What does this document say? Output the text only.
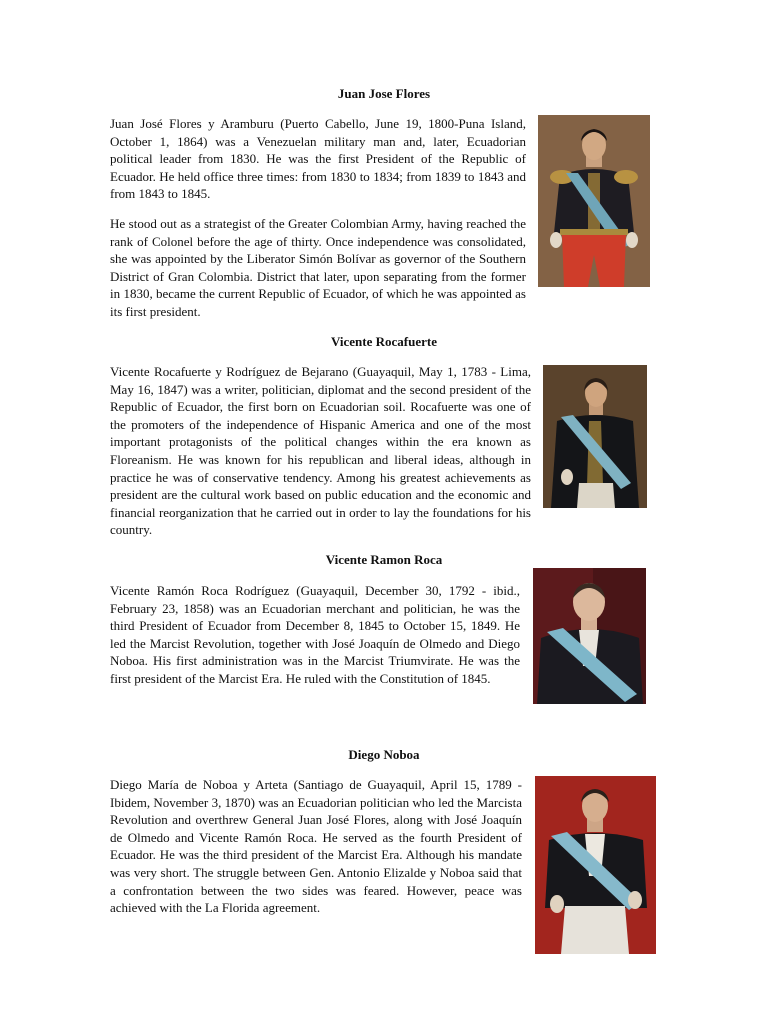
Juan Jose Flores

Juan José Flores y Aramburu (Puerto Cabello, June 19, 1800-Puna Island, October 1, 1864) was a Venezuelan military man and, later, Ecuadorian political leader from 1830. He was the first President of the Republic of Ecuador. He held office three times: from 1830 to 1834; from 1839 to 1843 and from 1843 to 1845.

He stood out as a strategist of the Greater Colombian Army, having reached the rank of Colonel before the age of thirty. Once independence was consolidated, she was appointed by the Liberator Simón Bolívar as governor of the Southern District of Gran Colombia. District that later, upon separating from the former in 1830, became the current Republic of Ecuador, of which he was appointed as its first president.

Vicente Rocafuerte

Vicente Rocafuerte y Rodríguez de Bejarano (Guayaquil, May 1, 1783 - Lima, May 16, 1847) was a writer, politician, diplomat and the second president of the Republic of Ecuador, the first born on Ecuadorian soil. Rocafuerte was one of the promoters of the independence of Hispanic America and one of the most important protagonists of the political changes within the era known as Floreanism. He was known for his republican and liberal ideas, although in practice he was of conservative tendency. Among his greatest achievements as president are the cultural work based on public education and the economic and financial reorganization that he carried out in order to lay the foundations for his country.

Vicente Ramon Roca

Vicente Ramón Roca Rodríguez (Guayaquil, December 30, 1792 - ibid., February 23, 1858) was an Ecuadorian merchant and politician, he was the third President of Ecuador from December 8, 1845 to October 15, 1849. He led the Marcist Revolution, together with José Joaquín de Olmedo and Diego Noboa. His first administration was in the Marcist Triumvirate. He was the first president of the Marcist Era. He ruled with the Constitution of 1845.

Diego Noboa

Diego María de Noboa y Arteta (Santiago de Guayaquil, April 15, 1789 - Ibidem, November 3, 1870) was an Ecuadorian politician who led the Marcista Revolution and overthrew General Juan José Flores, along with José Joaquín de Olmedo and Vicente Ramón Roca. He served as the fourth President of Ecuador. He was the third president of the Marcist Era. Although his mandate was very short. The struggle between Gen. Antonio Elizalde y Noboa said that a confrontation between the two sides was feared. However, peace was achieved with the La Florida agreement.
